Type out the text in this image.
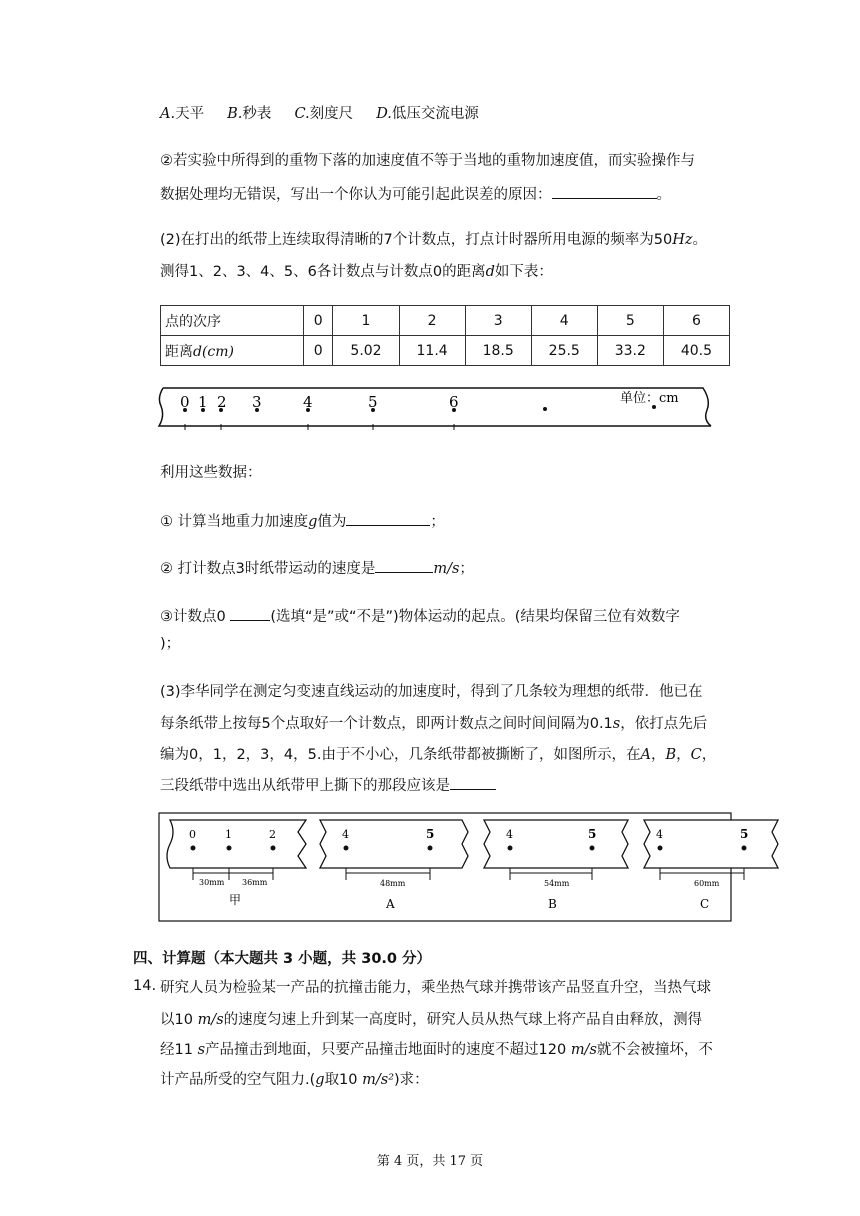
A.天平 B.秒表 C.刻度尺 D.低压交流电源
②若实验中所得到的重物下落的加速度值不等于当地的重物加速度值，而实验操作与
数据处理均无错误，写出一个你认为可能引起此误差的原因：	。
(2)在打出的纸带上连续取得清晰的7个计数点，打点计时器所用电源的频率为50Hz。
测得1、2、3、4、5、6各计数点与计数点0的距离d如下表：
点的次序	0	1	2	3	4	5	6
距离d(cm)	0	5.02	11.4	18.5	25.5	33.2	40.5
0 1 2 3	4	5	6	单位：cm
利用这些数据：
① 计算当地重力加速度g值为	；
② 打计数点3时纸带运动的速度是	m/s；
③计数点0	(选填“是”或“不是”)物体运动的起点。(结果均保留三位有效数字
)；
(3)李华同学在测定匀变速直线运动的加速度时，得到了几条较为理想的纸带．他已在
每条纸带上按每5个点取好一个计数点，即两计数点之间时间间隔为0.1s，依打点先后
编为0，1，2，3，4，5.由于不小心，几条纸带都被撕断了，如图所示，在A，B，C，
三段纸带中选出从纸带甲上撕下的那段应该是
0	1	2
30mm 36mm
甲
4	5
48mm
A
4	5
54mm
B
4	5
60mm
C
四、计算题（本大题共 3 小题，共 30.0 分）
14. 研究人员为检验某一产品的抗撞击能力，乘坐热气球并携带该产品竖直升空，当热气球
以10 m/s的速度匀速上升到某一高度时，研究人员从热气球上将产品自由释放，测得
经11 s产品撞击到地面，只要产品撞击地面时的速度不超过120 m/s就不会被撞坏，不
计产品所受的空气阻力.(g取10 m/s²)求：
第 4 页，共 17 页
